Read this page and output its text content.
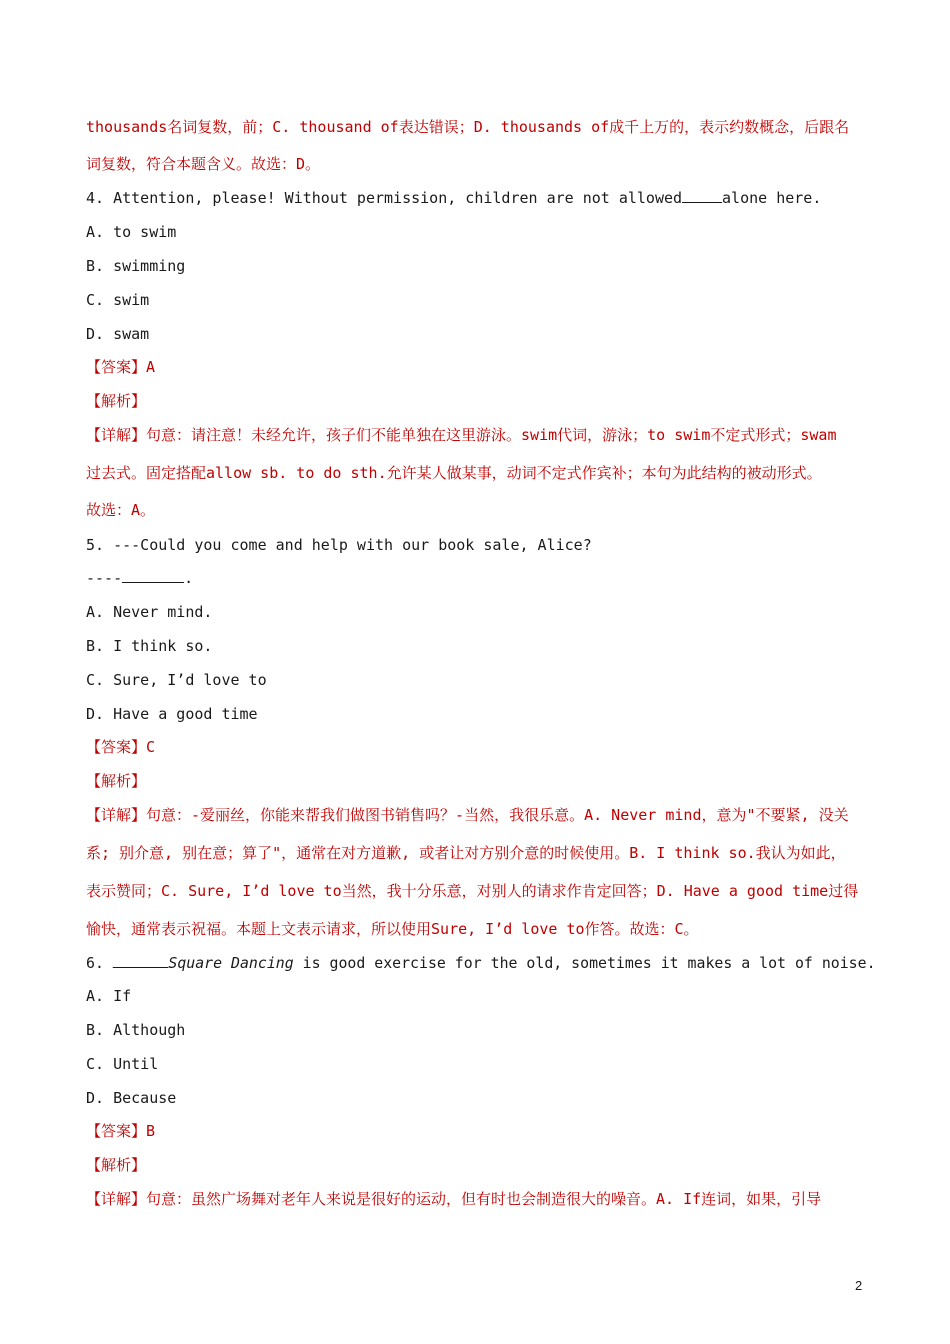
thousands名词复数，前；C. thousand of表达错误；D. thousands of成千上万的，表示约数概念，后跟名
词复数，符合本题含义。故选：D。
4. Attention, please! Without permission, children are not allowed	alone here.
A. to swim
B. swimming
C. swim
D. swam
【答案】A
【解析】
【详解】句意：请注意！未经允许，孩子们不能单独在这里游泳。swim代词，游泳；to swim不定式形式；swam
过去式。固定搭配allow sb. to do sth.允许某人做某事，动词不定式作宾补；本句为此结构的被动形式。
故选：A。
5. ---Could you come and help with our book sale, Alice?
----	.
A. Never mind.
B. I think so.
C. Sure, I’d love to
D. Have a good time
【答案】C
【解析】
【详解】句意：-爱丽丝，你能来帮我们做图书销售吗？-当然，我很乐意。A. Never mind，意为"不要紧, 没关
系; 别介意, 别在意；算了"，通常在对方道歉, 或者让对方别介意的时候使用。B. I think so.我认为如此，
表示赞同；C. Sure, I’d love to当然，我十分乐意，对别人的请求作肯定回答；D. Have a good time过得
愉快，通常表示祝福。本题上文表示请求，所以使用Sure, I’d love to作答。故选：C。
6.	Square Dancing is good exercise for the old, sometimes it makes a lot of noise.
A. If
B. Although
C. Until
D. Because
【答案】B
【解析】
【详解】句意：虽然广场舞对老年人来说是很好的运动，但有时也会制造很大的噪音。A. If连词，如果，引导
2
